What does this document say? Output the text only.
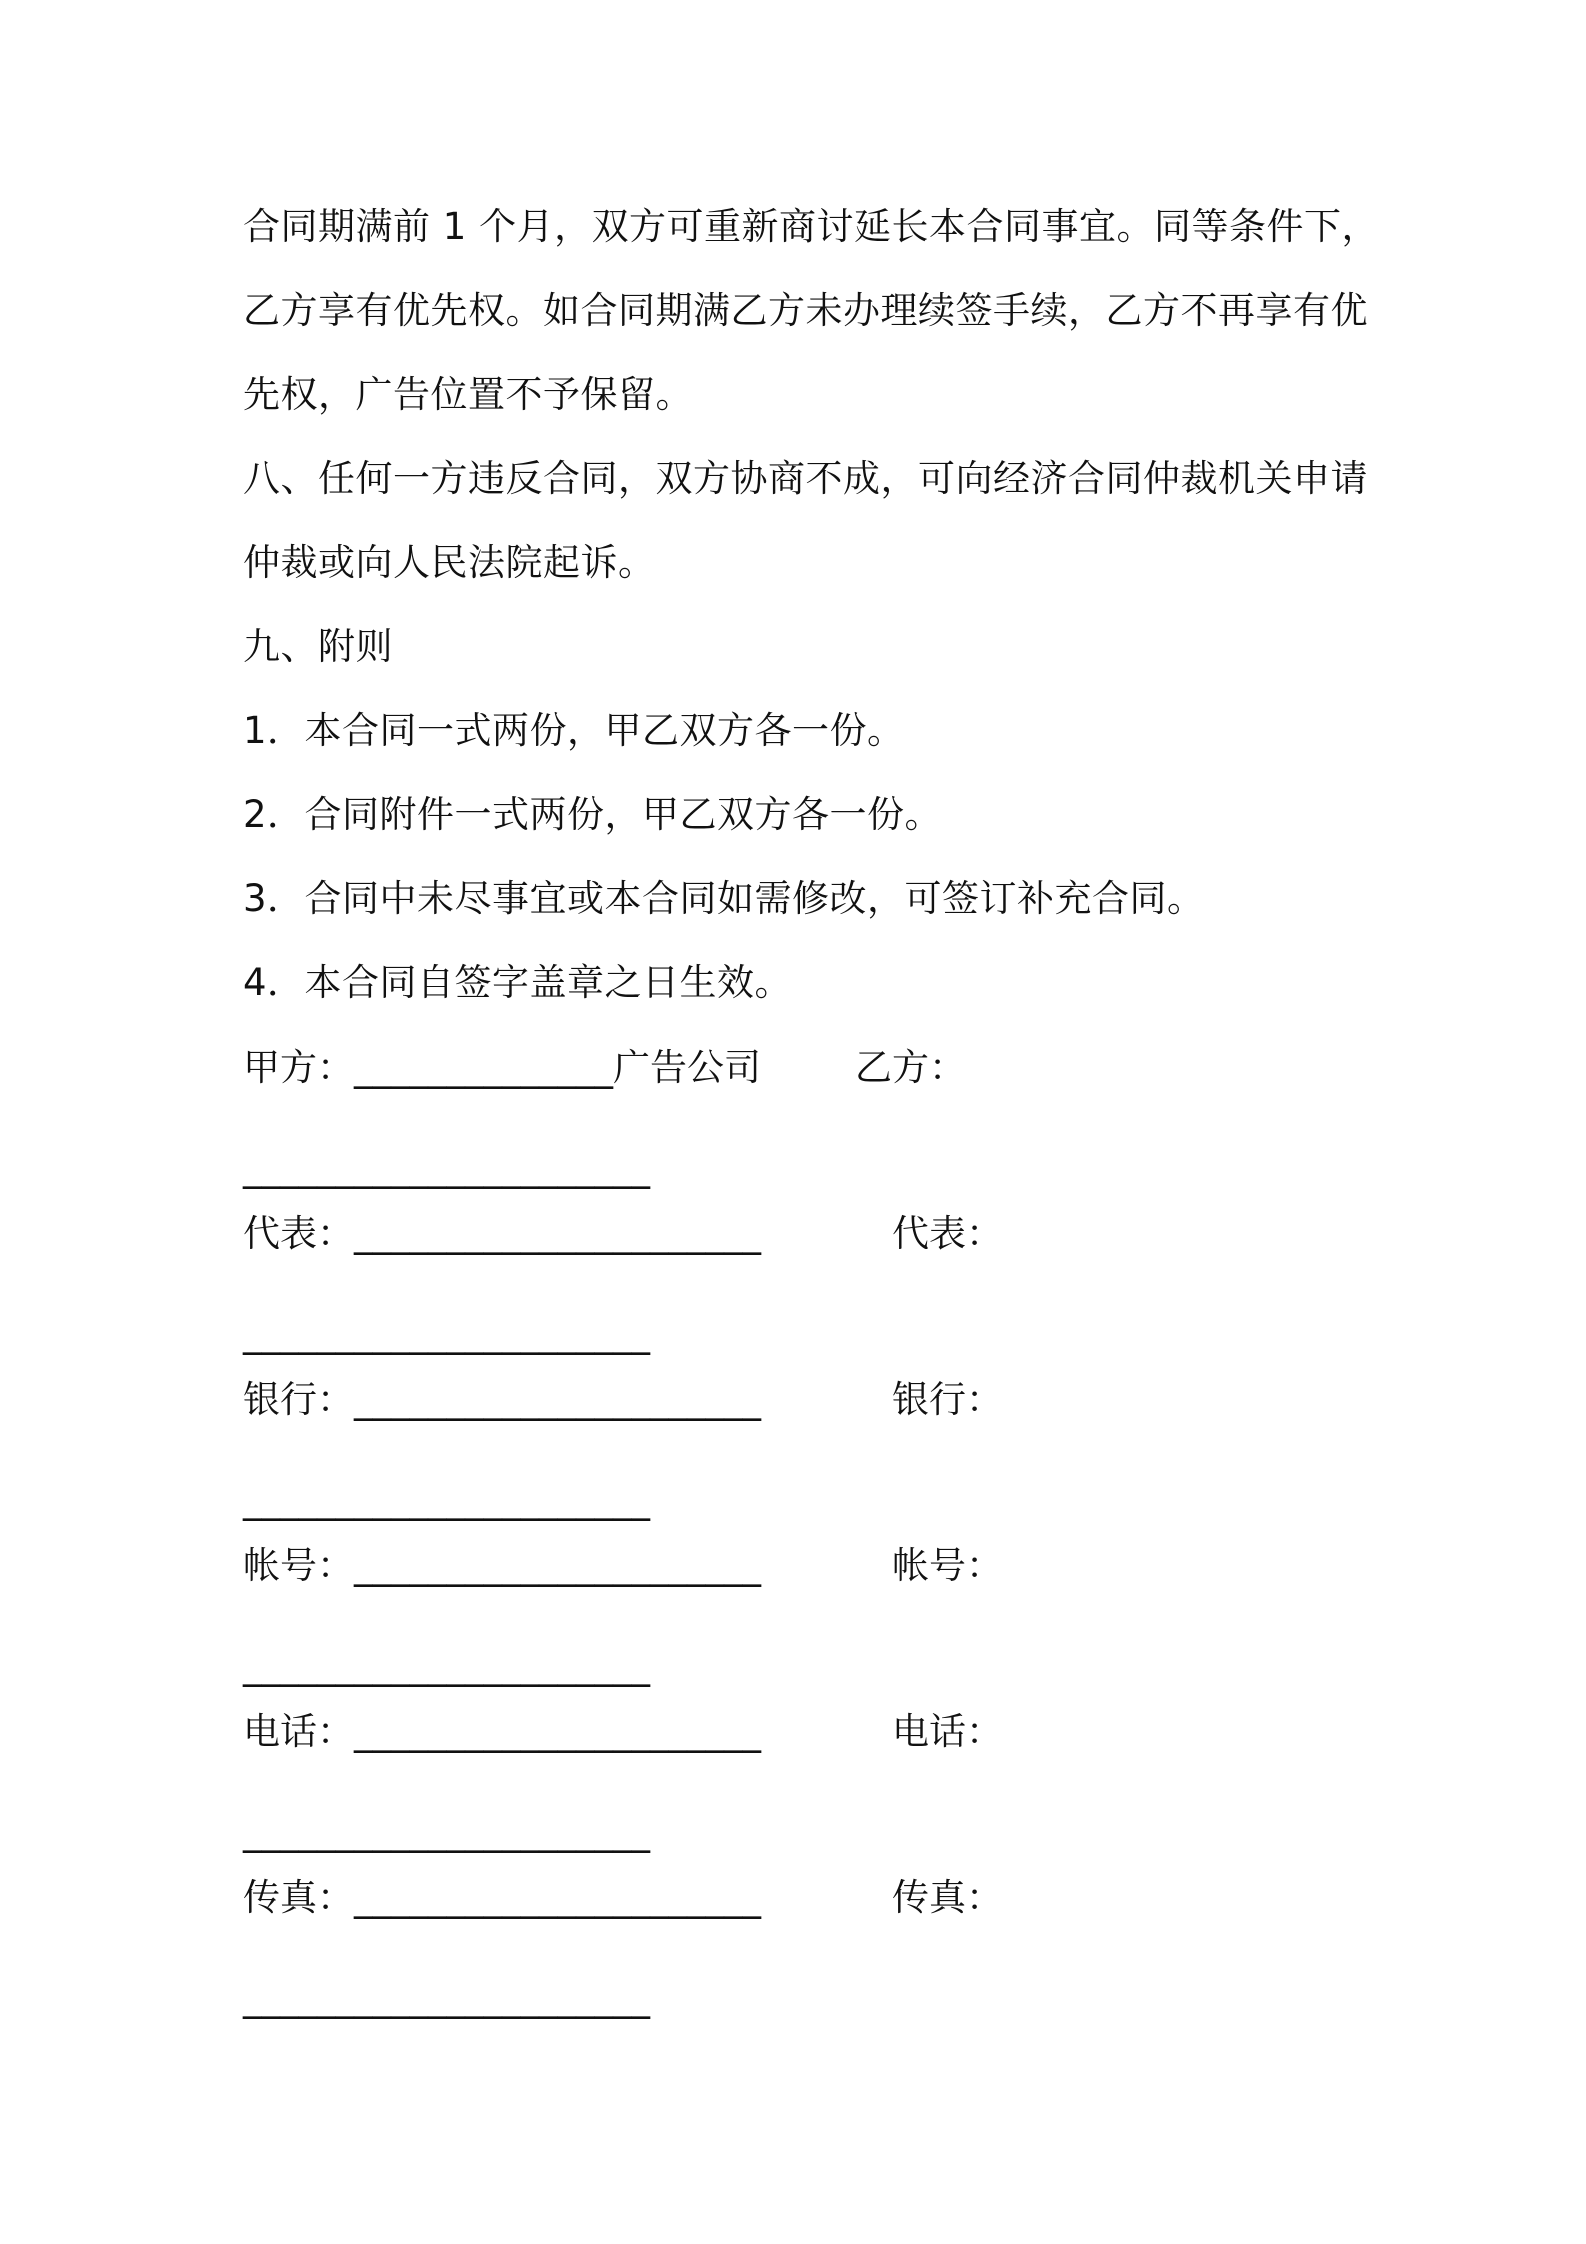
合同期满前 1 个月，双方可重新商讨延长本合同事宜。同等条件下，
乙方享有优先权。如合同期满乙方未办理续签手续，乙方不再享有优
先权，广告位置不予保留。
八、任何一方违反合同，双方协商不成，可向经济合同仲裁机关申请
仲裁或向人民法院起诉。
九、附则
1．本合同一式两份，甲乙双方各一份。
2．合同附件一式两份，甲乙双方各一份。
3．合同中未尽事宜或本合同如需修改，可签订补充合同。
4．本合同自签字盖章之日生效。
甲方：______________广告公司	乙方：
______________________
代表：______________________	代表：
______________________
银行：______________________	银行：
______________________
帐号：______________________	帐号：
______________________
电话：______________________	电话：
______________________
传真：______________________	传真：
______________________
